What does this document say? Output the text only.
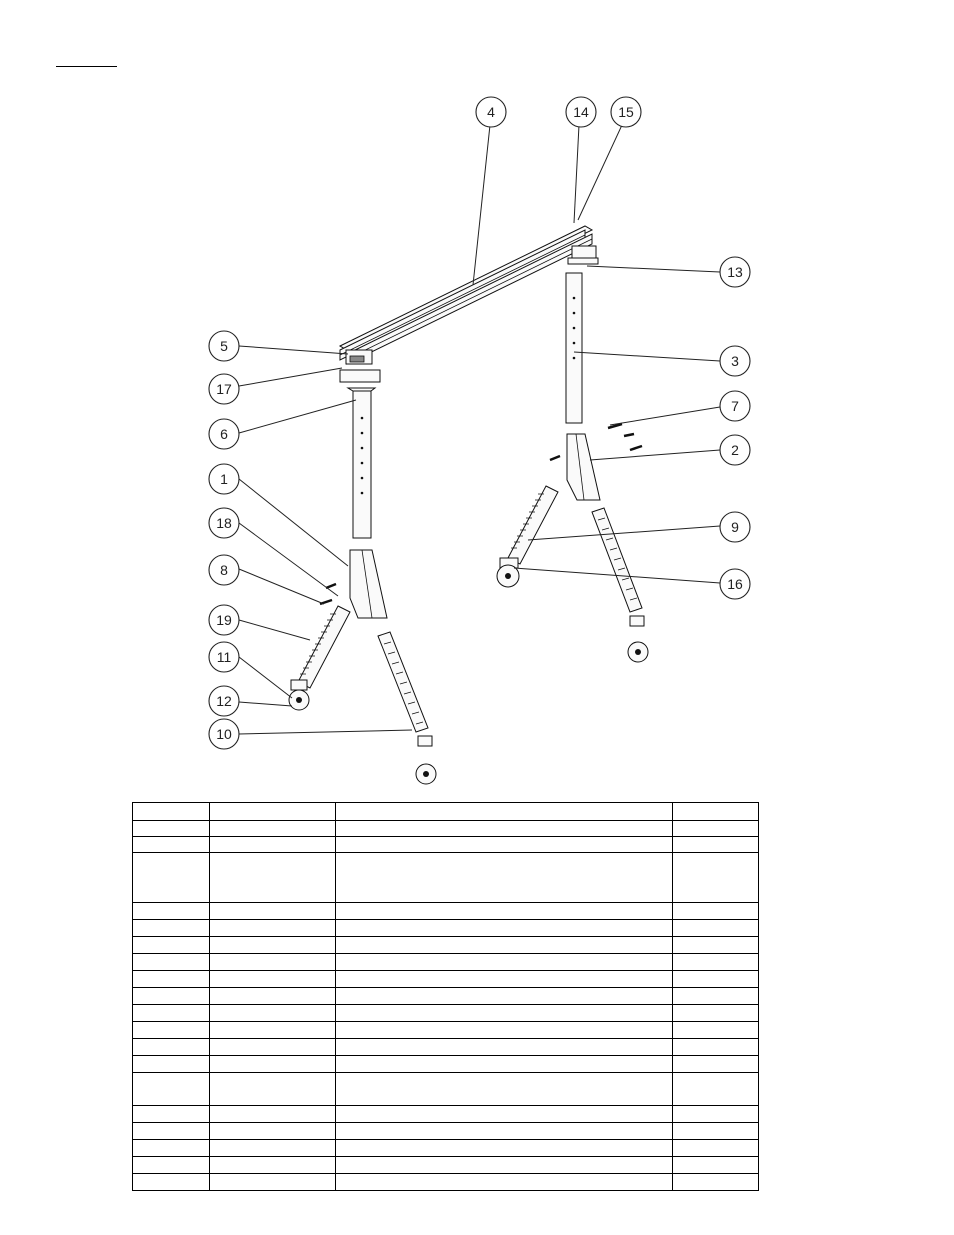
4	14 15
13
5
3
17
6
7
2
1
9
18
16
8
19
11
12
10
